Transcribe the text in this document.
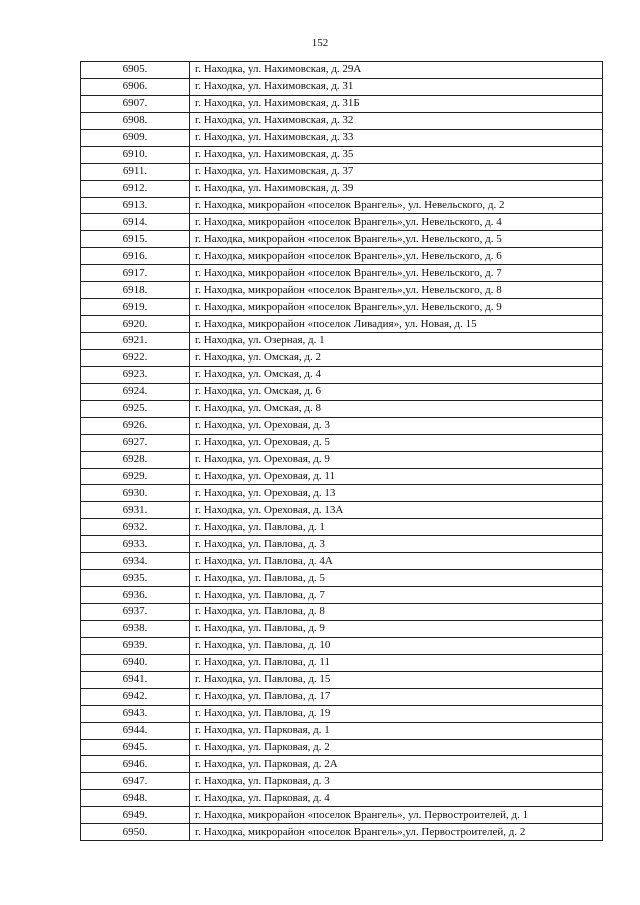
152
6905.	г. Находка, ул. Нахимовская, д. 29А
6906.	г. Находка, ул. Нахимовская, д. 31
6907.	г. Находка, ул. Нахимовская, д. 31Б
6908.	г. Находка, ул. Нахимовская, д. 32
6909.	г. Находка, ул. Нахимовская, д. 33
6910.	г. Находка, ул. Нахимовская, д. 35
6911.	г. Находка, ул. Нахимовская, д. 37
6912.	г. Находка, ул. Нахимовская, д. 39
6913.	г. Находка, микрорайон «поселок Врангель», ул. Невельского, д. 2
6914.	г. Находка, микрорайон «поселок Врангель»,ул. Невельского, д. 4
6915.	г. Находка, микрорайон «поселок Врангель»,ул. Невельского, д. 5
6916.	г. Находка, микрорайон «поселок Врангель»,ул. Невельского, д. 6
6917.	г. Находка, микрорайон «поселок Врангель»,ул. Невельского, д. 7
6918.	г. Находка, микрорайон «поселок Врангель»,ул. Невельского, д. 8
6919.	г. Находка, микрорайон «поселок Врангель»,ул. Невельского, д. 9
6920.	г. Находка, микрорайон «поселок Ливадия», ул. Новая, д. 15
6921.	г. Находка, ул. Озерная, д. 1
6922.	г. Находка, ул. Омская, д. 2
6923.	г. Находка, ул. Омская, д. 4
6924.	г. Находка, ул. Омская, д. 6
6925.	г. Находка, ул. Омская, д. 8
6926.	г. Находка, ул. Ореховая, д. 3
6927.	г. Находка, ул. Ореховая, д. 5
6928.	г. Находка, ул. Ореховая, д. 9
6929.	г. Находка, ул. Ореховая, д. 11
6930.	г. Находка, ул. Ореховая, д. 13
6931.	г. Находка, ул. Ореховая, д. 13А
6932.	г. Находка, ул. Павлова, д. 1
6933.	г. Находка, ул. Павлова, д. 3
6934.	г. Находка, ул. Павлова, д. 4А
6935.	г. Находка, ул. Павлова, д. 5
6936.	г. Находка, ул. Павлова, д. 7
6937.	г. Находка, ул. Павлова, д. 8
6938.	г. Находка, ул. Павлова, д. 9
6939.	г. Находка, ул. Павлова, д. 10
6940.	г. Находка, ул. Павлова, д. 11
6941.	г. Находка, ул. Павлова, д. 15
6942.	г. Находка, ул. Павлова, д. 17
6943.	г. Находка, ул. Павлова, д. 19
6944.	г. Находка, ул. Парковая, д. 1
6945.	г. Находка, ул. Парковая, д. 2
6946.	г. Находка, ул. Парковая, д. 2А
6947.	г. Находка, ул. Парковая, д. 3
6948.	г. Находка, ул. Парковая, д. 4
6949.	г. Находка, микрорайон «поселок Врангель», ул. Первостроителей, д. 1
6950.	г. Находка, микрорайон «поселок Врангель»,ул. Первостроителей, д. 2
